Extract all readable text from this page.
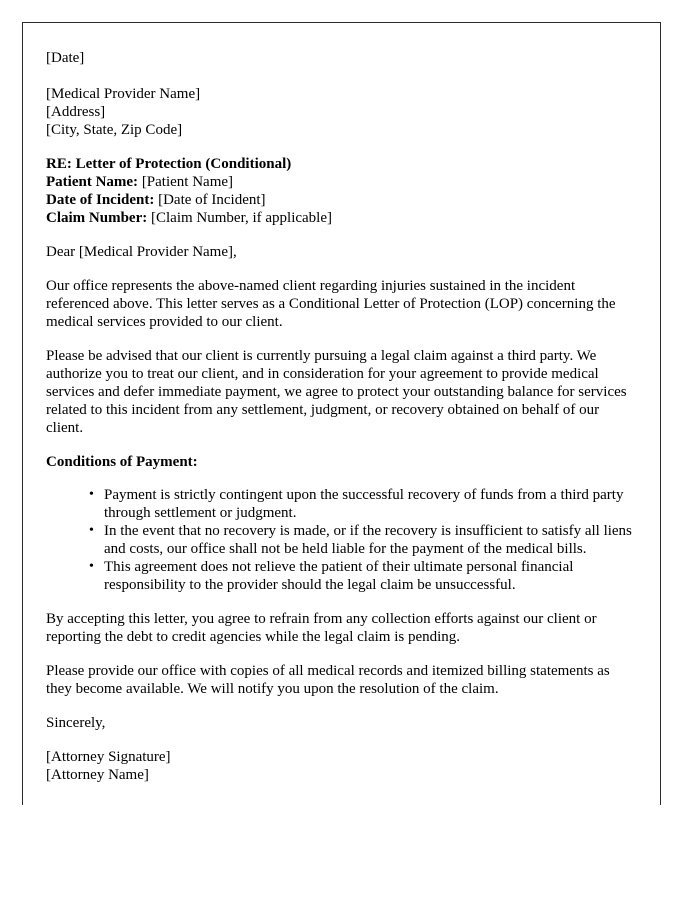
[Date]
[Medical Provider Name]
[Address]
[City, State, Zip Code]
RE: Letter of Protection (Conditional)
Patient Name: [Patient Name]
Date of Incident: [Date of Incident]
Claim Number: [Claim Number, if applicable]
Dear [Medical Provider Name],

Our office represents the above-named client regarding injuries sustained in the incident referenced above. This letter serves as a Conditional Letter of Protection (LOP) concerning the medical services provided to our client.

Please be advised that our client is currently pursuing a legal claim against a third party. We authorize you to treat our client, and in consideration for your agreement to provide medical services and defer immediate payment, we agree to protect your outstanding balance for services related to this incident from any settlement, judgment, or recovery obtained on behalf of our client.

Conditions of Payment:

• Payment is strictly contingent upon the successful recovery of funds from a third party through settlement or judgment.
• In the event that no recovery is made, or if the recovery is insufficient to satisfy all liens and costs, our office shall not be held liable for the payment of the medical bills.
• This agreement does not relieve the patient of their ultimate personal financial responsibility to the provider should the legal claim be unsuccessful.

By accepting this letter, you agree to refrain from any collection efforts against our client or reporting the debt to credit agencies while the legal claim is pending.

Please provide our office with copies of all medical records and itemized billing statements as they become available. We will notify you upon the resolution of the claim.

Sincerely,
[Attorney Signature]
[Attorney Name]
